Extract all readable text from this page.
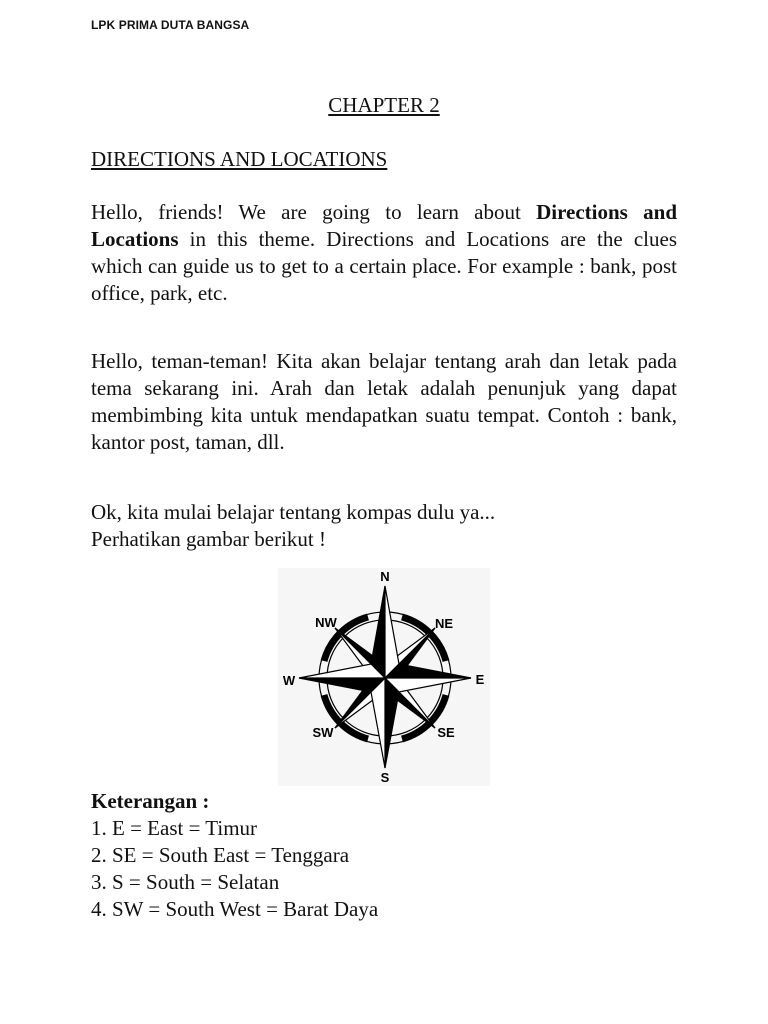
LPK PRIMA DUTA BANGSA
CHAPTER 2
DIRECTIONS AND LOCATIONS

Hello, friends! We are going to learn about Directions and Locations in this theme. Directions and Locations are the clues which can guide us to get to a certain place. For example : bank, post office, park, etc.

Hello, teman-teman! Kita akan belajar tentang arah dan letak pada tema sekarang ini. Arah dan letak adalah penunjuk yang dapat membimbing kita untuk mendapatkan suatu tempat. Contoh : bank, kantor post, taman, dll.

Ok, kita mulai belajar tentang kompas dulu ya...
Perhatikan gambar berikut !
N
NE
E
SE
S
SW
W
NW
Keterangan :
1. E = East = Timur
2. SE = South East = Tenggara
3. S = South = Selatan
4. SW = South West = Barat Daya
